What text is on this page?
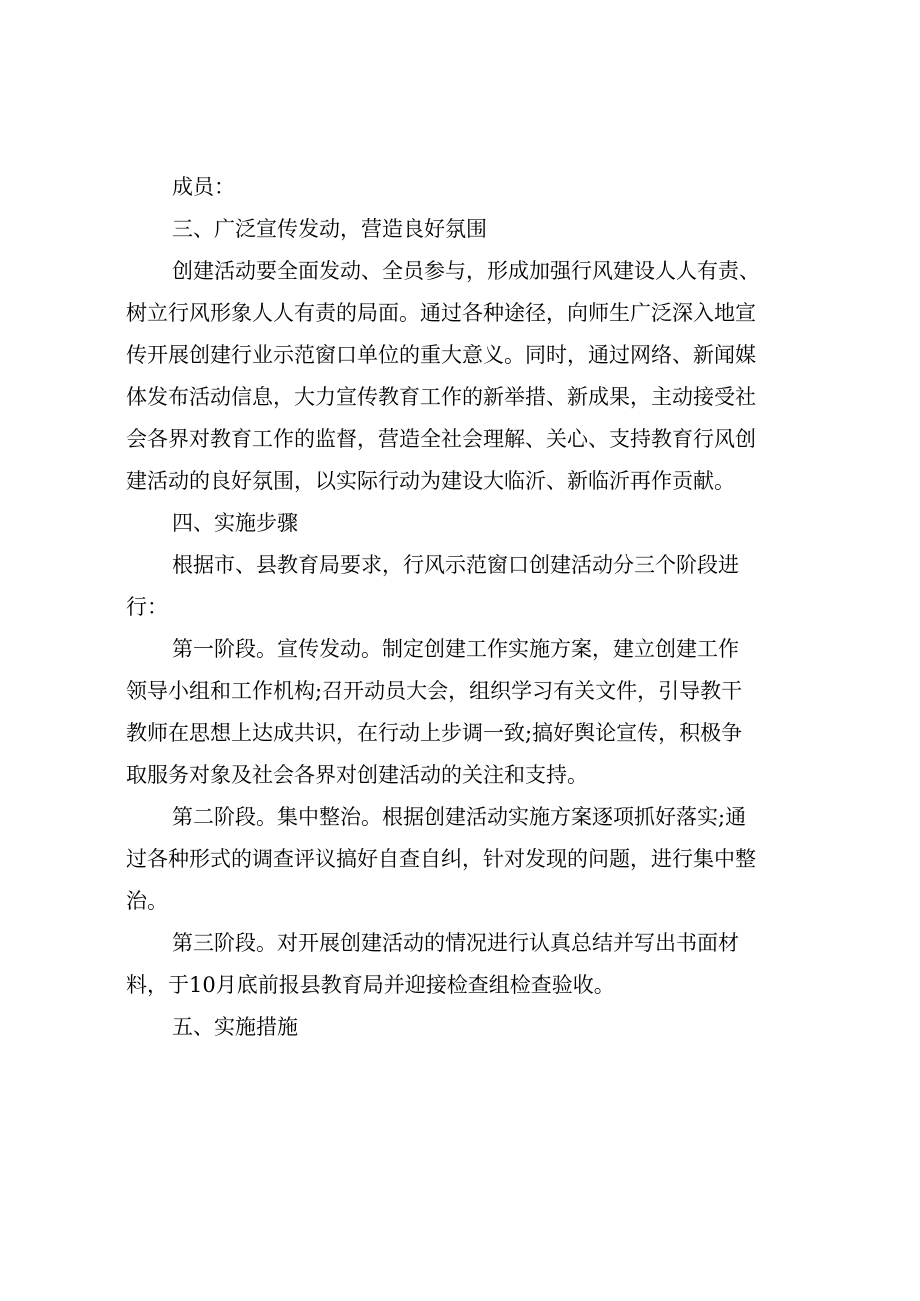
成员：
三、广泛宣传发动，营造良好氛围
创建活动要全面发动、全员参与，形成加强行风建设人人有责、
树立行风形象人人有责的局面。通过各种途径，向师生广泛深入地宣
传开展创建行业示范窗口单位的重大意义。同时，通过网络、新闻媒
体发布活动信息，大力宣传教育工作的新举措、新成果，主动接受社
会各界对教育工作的监督，营造全社会理解、关心、支持教育行风创
建活动的良好氛围，以实际行动为建设大临沂、新临沂再作贡献。
四、实施步骤
根据市、县教育局要求，行风示范窗口创建活动分三个阶段进
行：
第一阶段。宣传发动。制定创建工作实施方案，建立创建工作
领导小组和工作机构;召开动员大会，组织学习有关文件，引导教干
教师在思想上达成共识，在行动上步调一致;搞好舆论宣传，积极争
取服务对象及社会各界对创建活动的关注和支持。
第二阶段。集中整治。根据创建活动实施方案逐项抓好落实;通
过各种形式的调查评议搞好自查自纠，针对发现的问题，进行集中整
治。
第三阶段。对开展创建活动的情况进行认真总结并写出书面材
料，于10月底前报县教育局并迎接检查组检查验收。
五、实施措施
